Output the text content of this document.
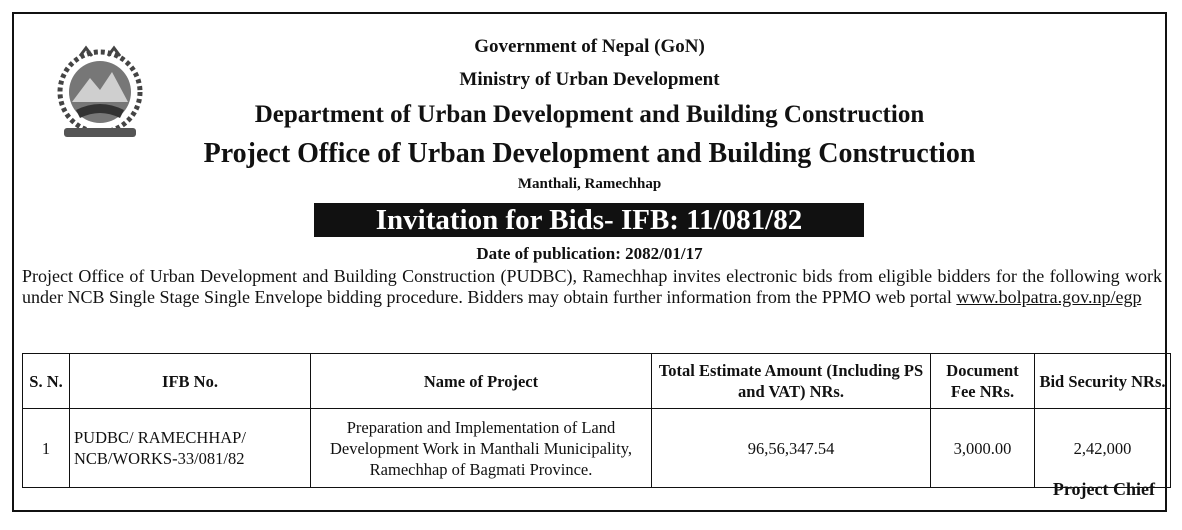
Government of Nepal (GoN)
Ministry of Urban Development
Department of Urban Development and Building Construction
Project Office of Urban Development and Building Construction
Manthali, Ramechhap
Invitation for Bids- IFB: 11/081/82
Date of publication: 2082/01/17
Project Office of Urban Development and Building Construction (PUDBC), Ramechhap invites electronic bids from eligible bidders for the following work under NCB Single Stage Single Envelope bidding procedure. Bidders may obtain further information from the PPMO web portal www.bolpatra.gov.np/egp
S. N.	IFB No.	Name of Project	Total Estimate Amount (Including PS and VAT) NRs.	Document Fee NRs.	Bid Security NRs.
1	PUDBC/ RAMECHHAP/ NCB/WORKS-33/081/82	Preparation and Implementation of Land Development Work in Manthali Municipality, Ramechhap of Bagmati Province.	96,56,347.54	3,000.00	2,42,000
Project Chief
